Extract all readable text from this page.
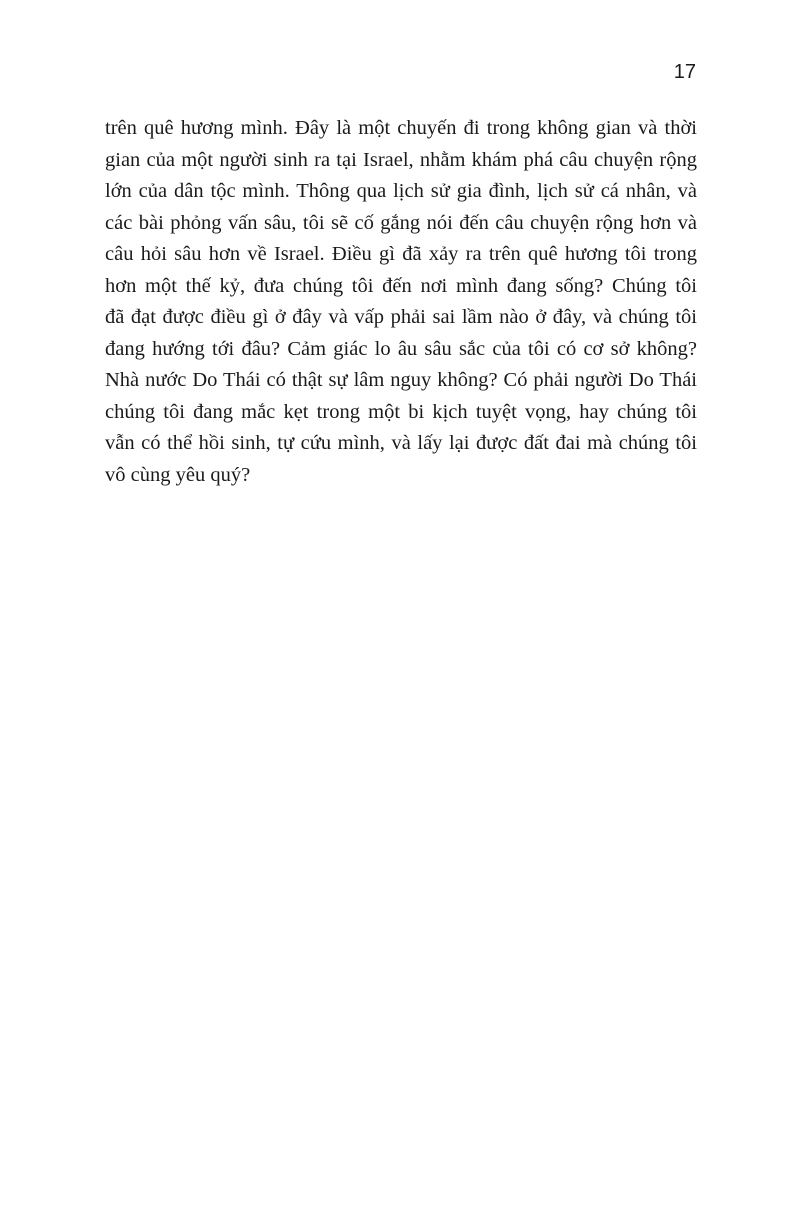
17
trên quê hương mình. Đây là một chuyến đi trong không gian và thời
gian của một người sinh ra tại Israel, nhằm khám phá câu chuyện rộng
lớn của dân tộc mình. Thông qua lịch sử gia đình, lịch sử cá nhân, và
các bài phỏng vấn sâu, tôi sẽ cố gắng nói đến câu chuyện rộng hơn và
câu hỏi sâu hơn về Israel. Điều gì đã xảy ra trên quê hương tôi trong
hơn một thế kỷ, đưa chúng tôi đến nơi mình đang sống? Chúng tôi
đã đạt được điều gì ở đây và vấp phải sai lầm nào ở đây, và chúng tôi
đang hướng tới đâu? Cảm giác lo âu sâu sắc của tôi có cơ sở không?
Nhà nước Do Thái có thật sự lâm nguy không? Có phải người Do Thái
chúng tôi đang mắc kẹt trong một bi kịch tuyệt vọng, hay chúng tôi
vẫn có thể hồi sinh, tự cứu mình, và lấy lại được đất đai mà chúng tôi
vô cùng yêu quý?
